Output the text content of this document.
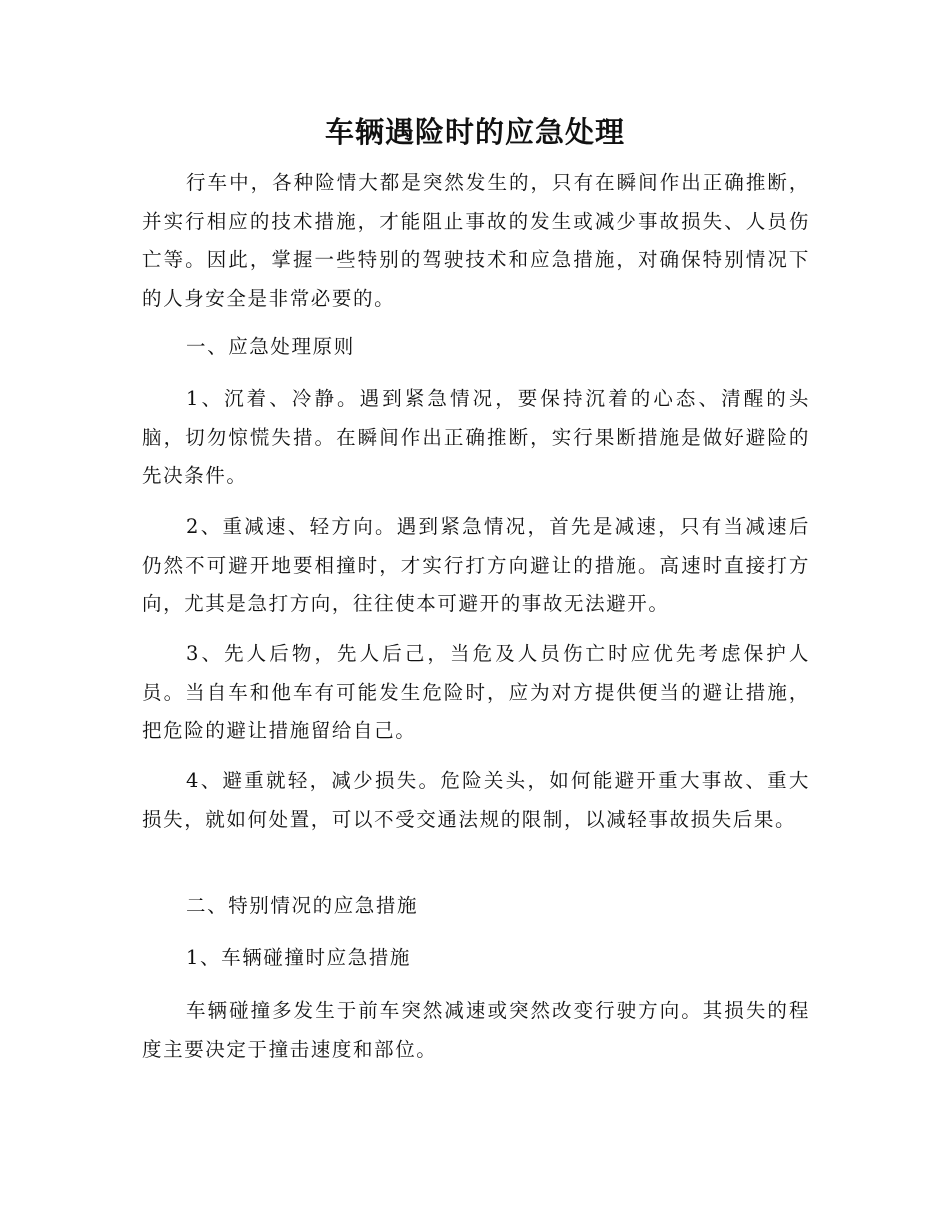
车辆遇险时的应急处理

行车中，各种险情大都是突然发生的，只有在瞬间作出正确推断，并实行相应的技术措施，才能阻止事故的发生或减少事故损失、人员伤亡等。因此，掌握一些特别的驾驶技术和应急措施，对确保特别情况下的人身安全是非常必要的。

一、应急处理原则

1、沉着、冷静。遇到紧急情况，要保持沉着的心态、清醒的头脑，切勿惊慌失措。在瞬间作出正确推断，实行果断措施是做好避险的先决条件。

2、重减速、轻方向。遇到紧急情况，首先是减速，只有当减速后仍然不可避开地要相撞时，才实行打方向避让的措施。高速时直接打方向，尤其是急打方向，往往使本可避开的事故无法避开。

3、先人后物，先人后己，当危及人员伤亡时应优先考虑保护人员。当自车和他车有可能发生危险时，应为对方提供便当的避让措施，把危险的避让措施留给自己。

4、避重就轻，减少损失。危险关头，如何能避开重大事故、重大损失，就如何处置，可以不受交通法规的限制，以减轻事故损失后果。

二、特别情况的应急措施

1、车辆碰撞时应急措施

车辆碰撞多发生于前车突然减速或突然改变行驶方向。其损失的程度主要决定于撞击速度和部位。
